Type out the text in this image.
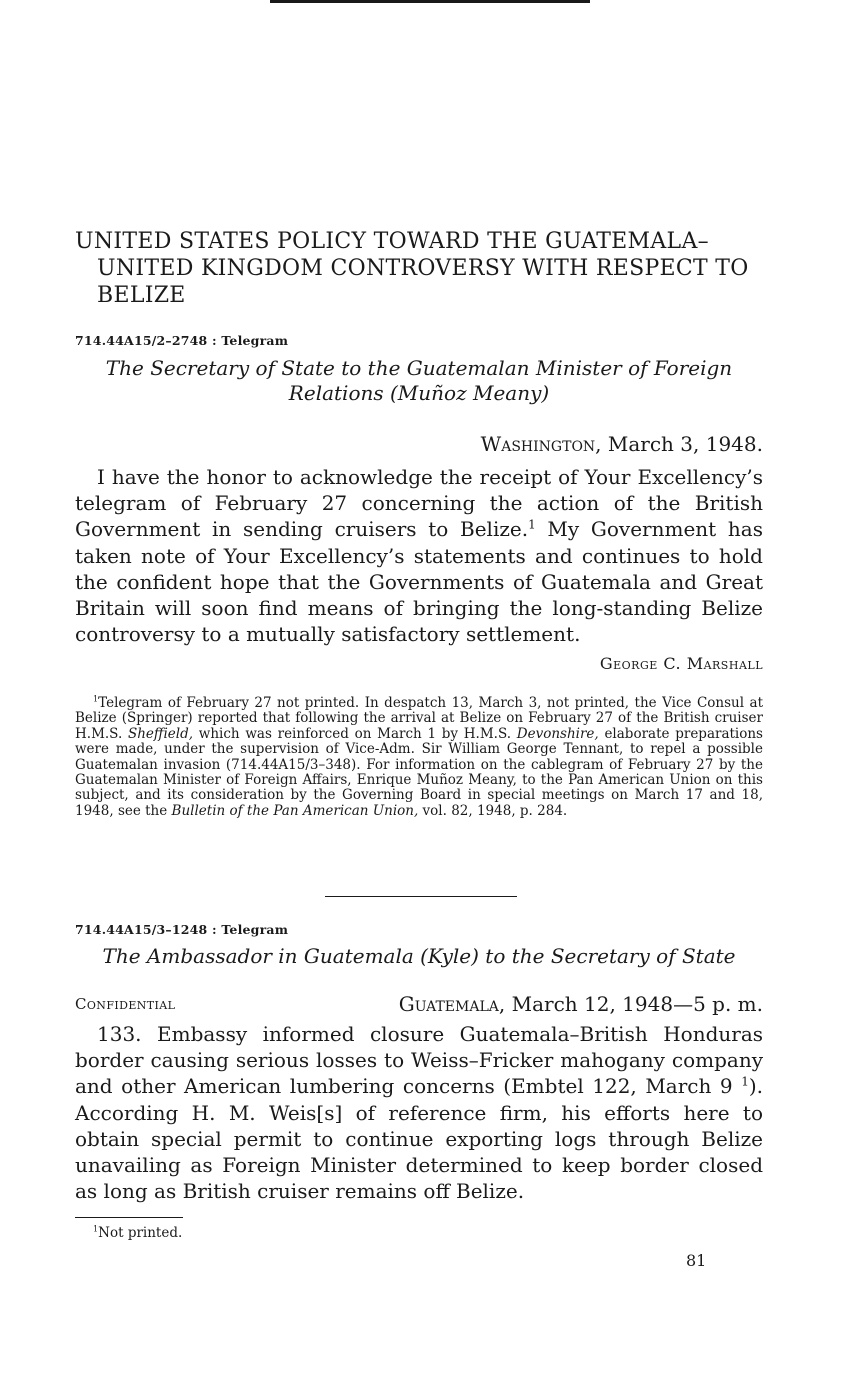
UNITED STATES POLICY TOWARD THE GUATEMALA–
UNITED KINGDOM CONTROVERSY WITH RESPECT TO
BELIZE
714.44A15/2–2748 : Telegram
The Secretary of State to the Guatemalan Minister of Foreign
Relations (Muñoz Meany)
Washington, March 3, 1948.
I have the honor to acknowledge the receipt of Your Excellency’s telegram of February 27 concerning the action of the British Government in sending cruisers to Belize.$^1$ My Government has taken note of Your Excellency’s statements and continues to hold the confident hope that the Governments of Guatemala and Great Britain will soon find means of bringing the long-standing Belize controversy to a mutually satisfactory settlement.
George C. Marshall
$^1$Telegram of February 27 not printed. In despatch 13, March 3, not printed, the Vice Consul at Belize (Springer) reported that following the arrival at Belize on February 27 of the British cruiser H.M.S. Sheffield, which was reinforced on March 1 by H.M.S. Devonshire, elaborate preparations were made, under the supervision of Vice-Adm. Sir William George Tennant, to repel a possible Guatemalan invasion (714.44A15/3–348). For information on the cablegram of February 27 by the Guatemalan Minister of Foreign Affairs, Enrique Muñoz Meany, to the Pan American Union on this subject, and its consideration by the Governing Board in special meetings on March 17 and 18, 1948, see the Bulletin of the Pan American Union, vol. 82, 1948, p. 284.
714.44A15/3–1248 : Telegram
The Ambassador in Guatemala (Kyle) to the Secretary of State
Confidential	Guatemala, March 12, 1948—5 p. m.
133. Embassy informed closure Guatemala–British Honduras border causing serious losses to Weiss–Fricker mahogany company and other American lumbering concerns (Embtel 122, March 9 $^1$). According H. M. Weis[s] of reference firm, his efforts here to obtain special permit to continue exporting logs through Belize unavailing as Foreign Minister determined to keep border closed as long as British cruiser remains off Belize.
$^1$Not printed.
81
